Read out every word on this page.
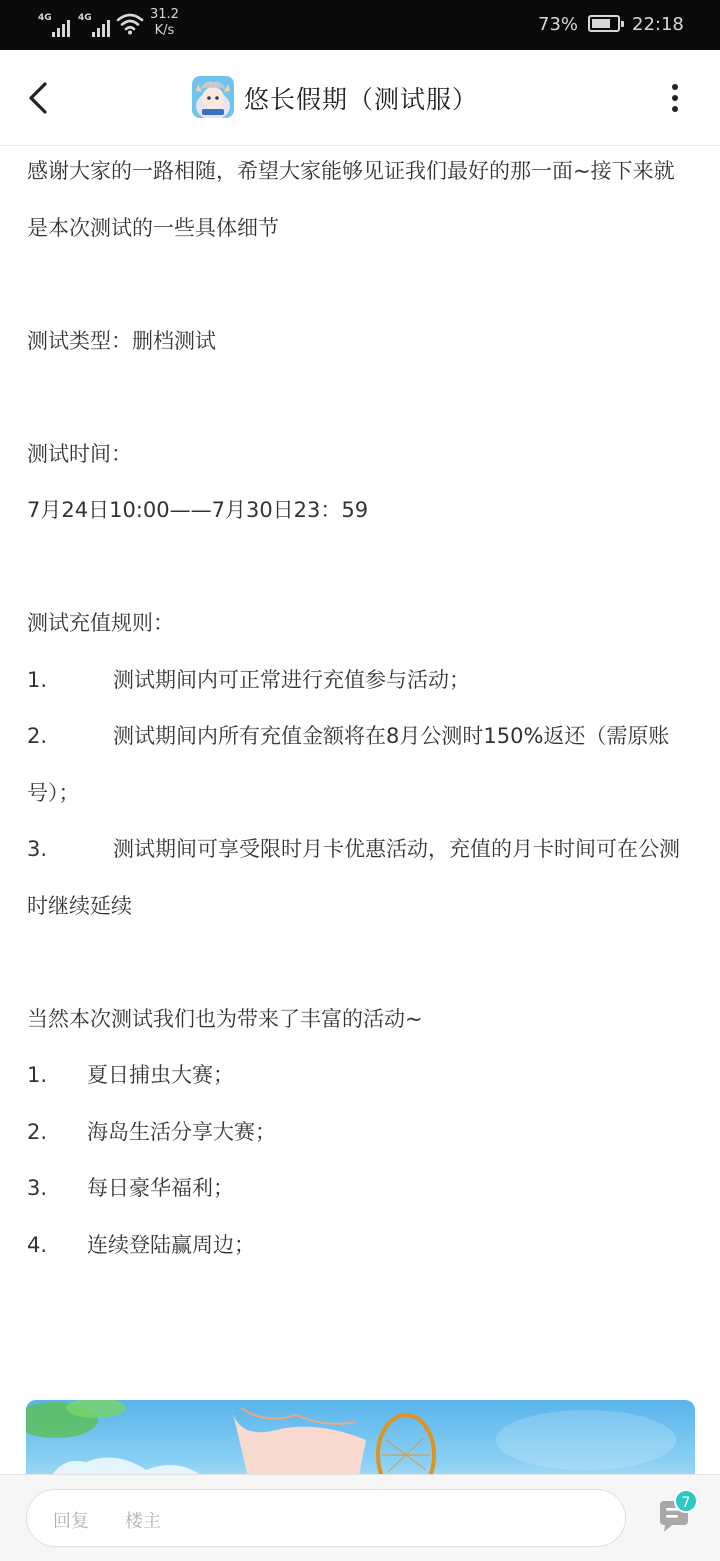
4G	4G	31.2
K/s	73%	22:18
悠长假期（测试服）

感谢大家的一路相随，希望大家能够见证我们最好的那一面~接下来就是本次测试的一些具体细节

测试类型：删档测试

测试时间：

7月24日10:00——7月30日23：59

测试充值规则：

1.	测试期间内可正常进行充值参与活动；

2.	测试期间内所有充值金额将在8月公测时150%返还（需原账号）；

3.	测试期间可享受限时月卡优惠活动，充值的月卡时间可在公测时继续延续

当然本次测试我们也为带来了丰富的活动~

1. 夏日捕虫大赛；

2. 海岛生活分享大赛；

3. 每日豪华福利；

4. 连续登陆赢周边；

回复 楼主
7
